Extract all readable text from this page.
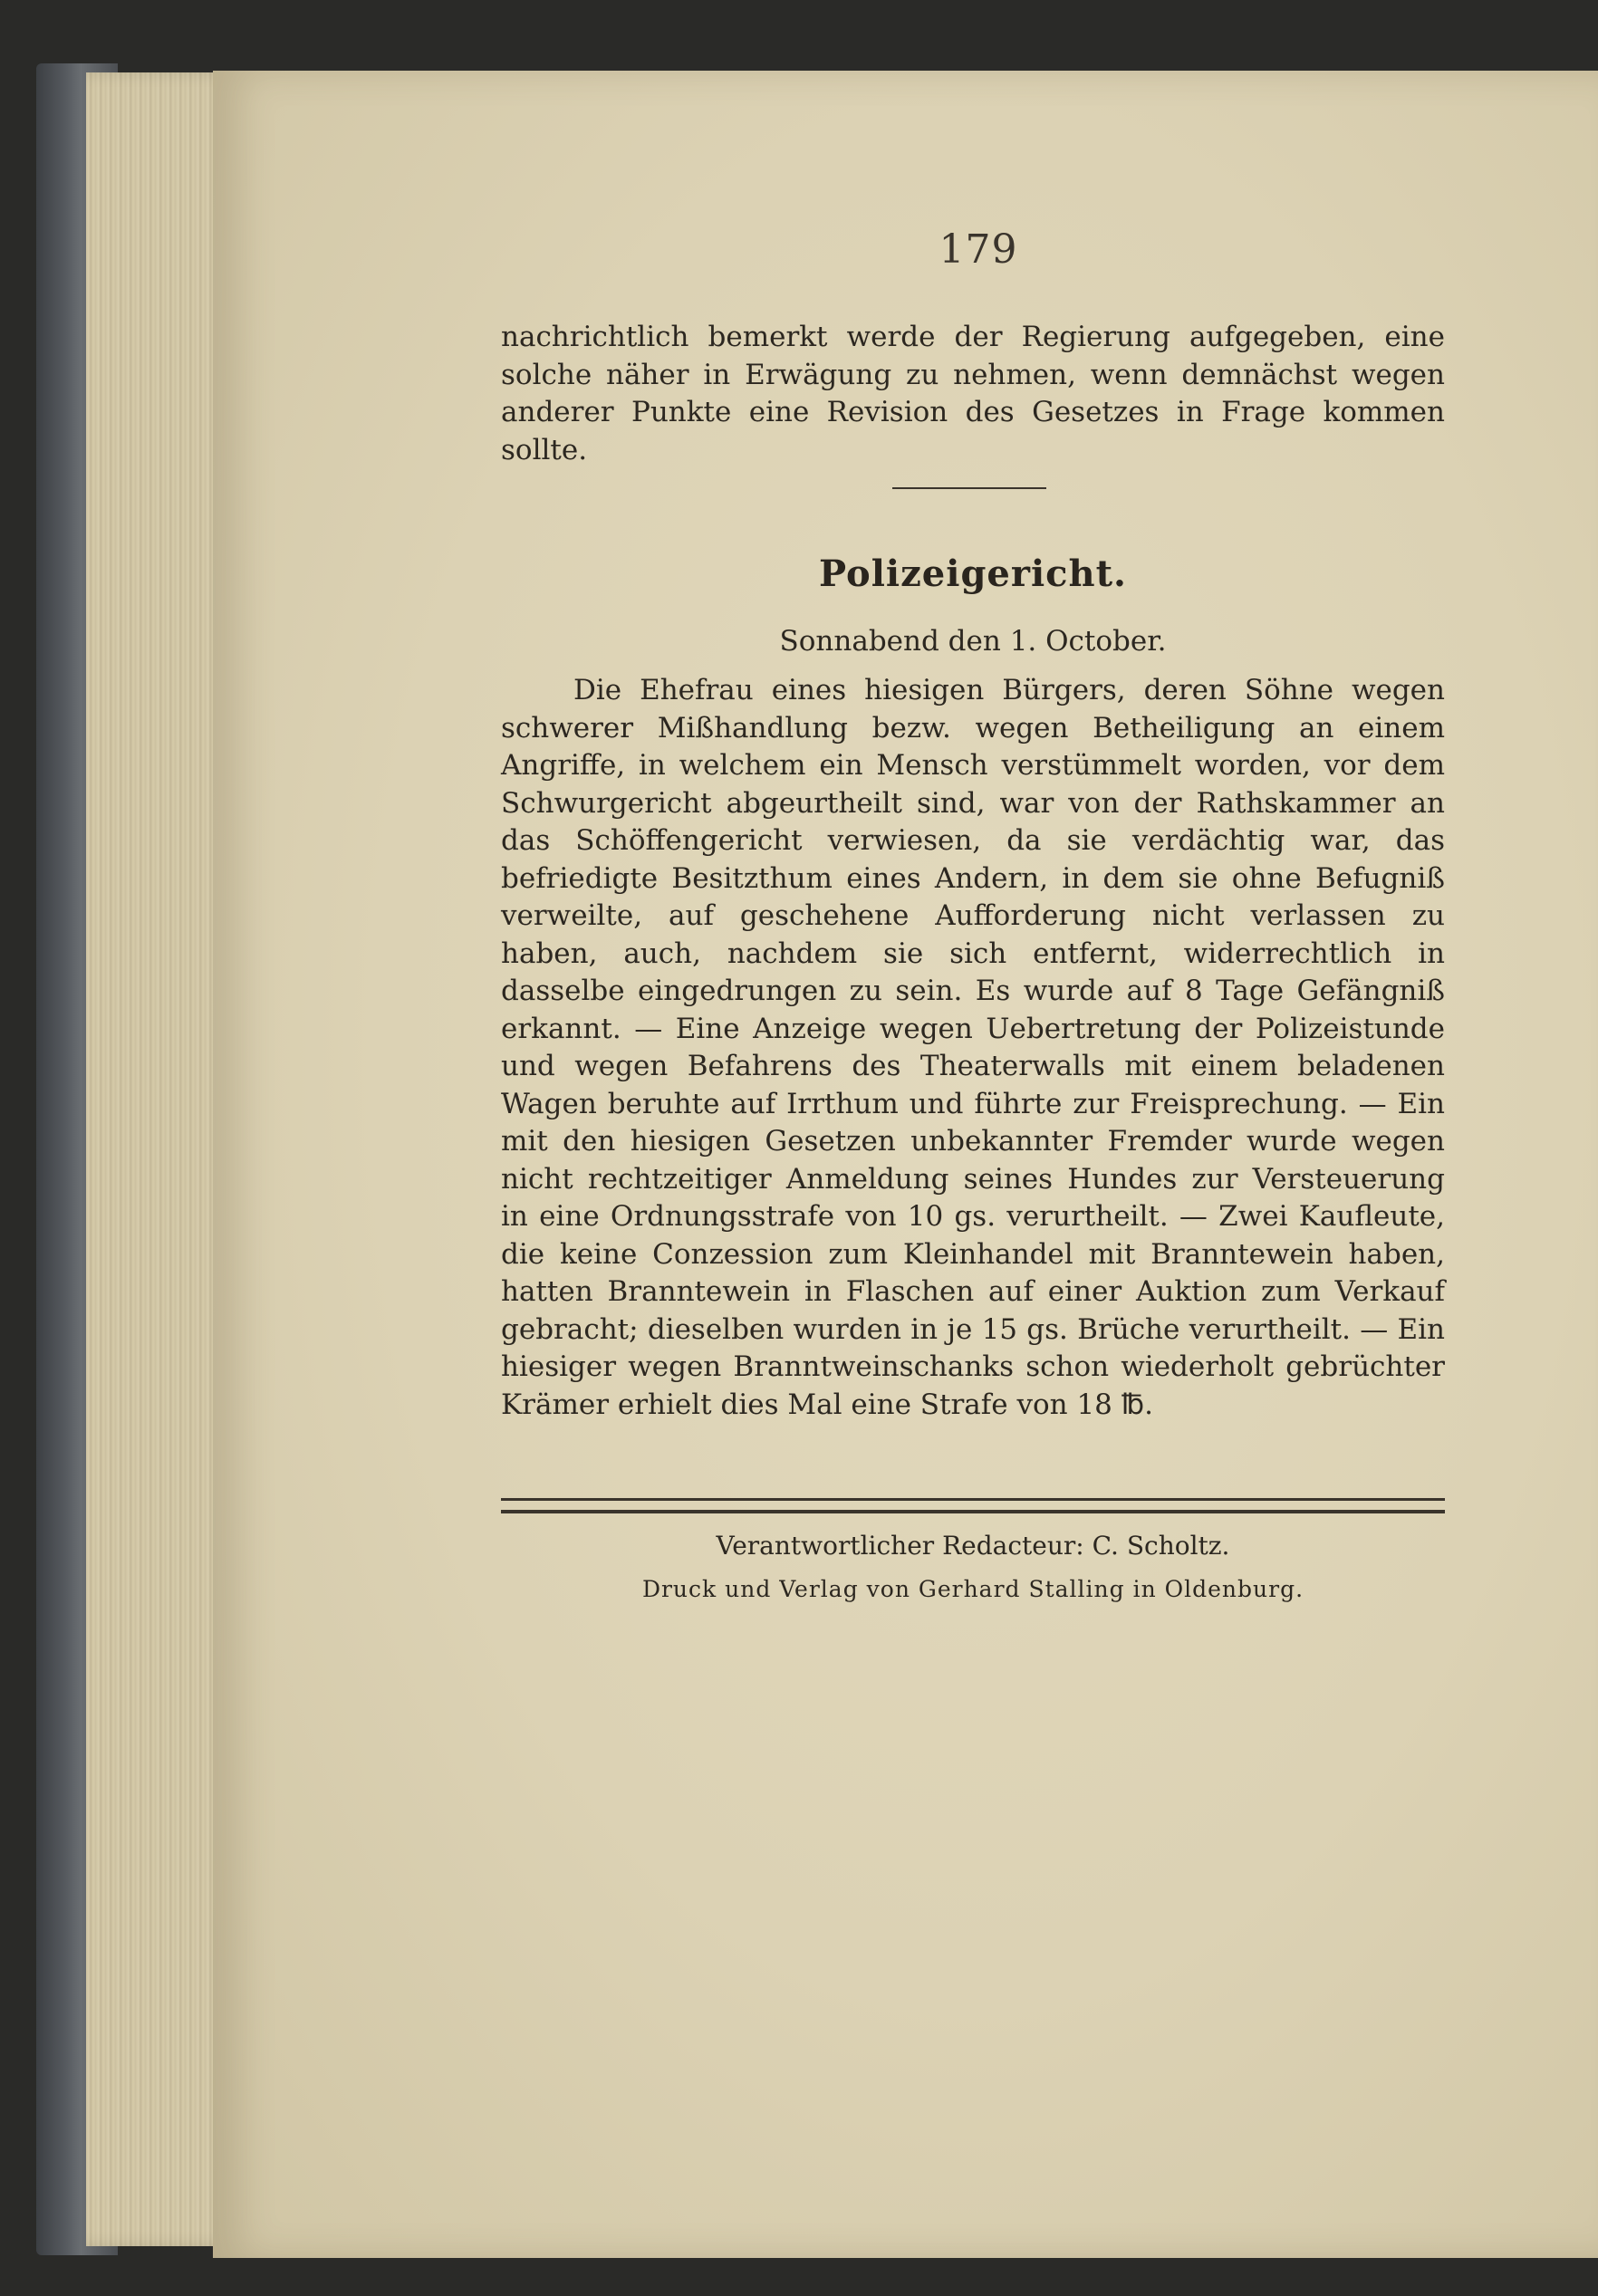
179

nachrichtlich bemerkt werde der Regierung aufgegeben, eine solche näher in Erwägung zu nehmen, wenn demnächst wegen anderer Punkte eine Revision des Gesetzes in Frage kommen sollte.

Polizeigericht.
Sonnabend den 1. October.

Die Ehefrau eines hiesigen Bürgers, deren Söhne wegen schwerer Mißhandlung bezw. wegen Betheiligung an einem Angriffe, in welchem ein Mensch verstümmelt worden, vor dem Schwurgericht abgeurtheilt sind, war von der Rathskammer an das Schöffengericht verwiesen, da sie verdächtig war, das befriedigte Besitzthum eines Andern, in dem sie ohne Befugniß verweilte, auf geschehene Aufforderung nicht verlassen zu haben, auch, nachdem sie sich entfernt, widerrechtlich in dasselbe eingedrungen zu sein. Es wurde auf 8 Tage Gefängniß erkannt. — Eine Anzeige wegen Uebertretung der Polizeistunde und wegen Befahrens des Theaterwalls mit einem beladenen Wagen beruhte auf Irrthum und führte zur Freisprechung. — Ein mit den hiesigen Gesetzen unbekannter Fremder wurde wegen nicht rechtzeitiger Anmeldung seines Hundes zur Versteuerung in eine Ordnungsstrafe von 10 gs. verurtheilt. — Zwei Kaufleute, die keine Conzession zum Kleinhandel mit Branntewein haben, hatten Branntewein in Flaschen auf einer Auktion zum Verkauf gebracht; dieselben wurden in je 15 gs. Brüche verurtheilt. — Ein hiesiger wegen Branntweinschanks schon wiederholt gebrüchter Krämer erhielt dies Mal eine Strafe von 18 ℔.

Verantwortlicher Redacteur: C. Scholtz.
Druck und Verlag von Gerhard Stalling in Oldenburg.
